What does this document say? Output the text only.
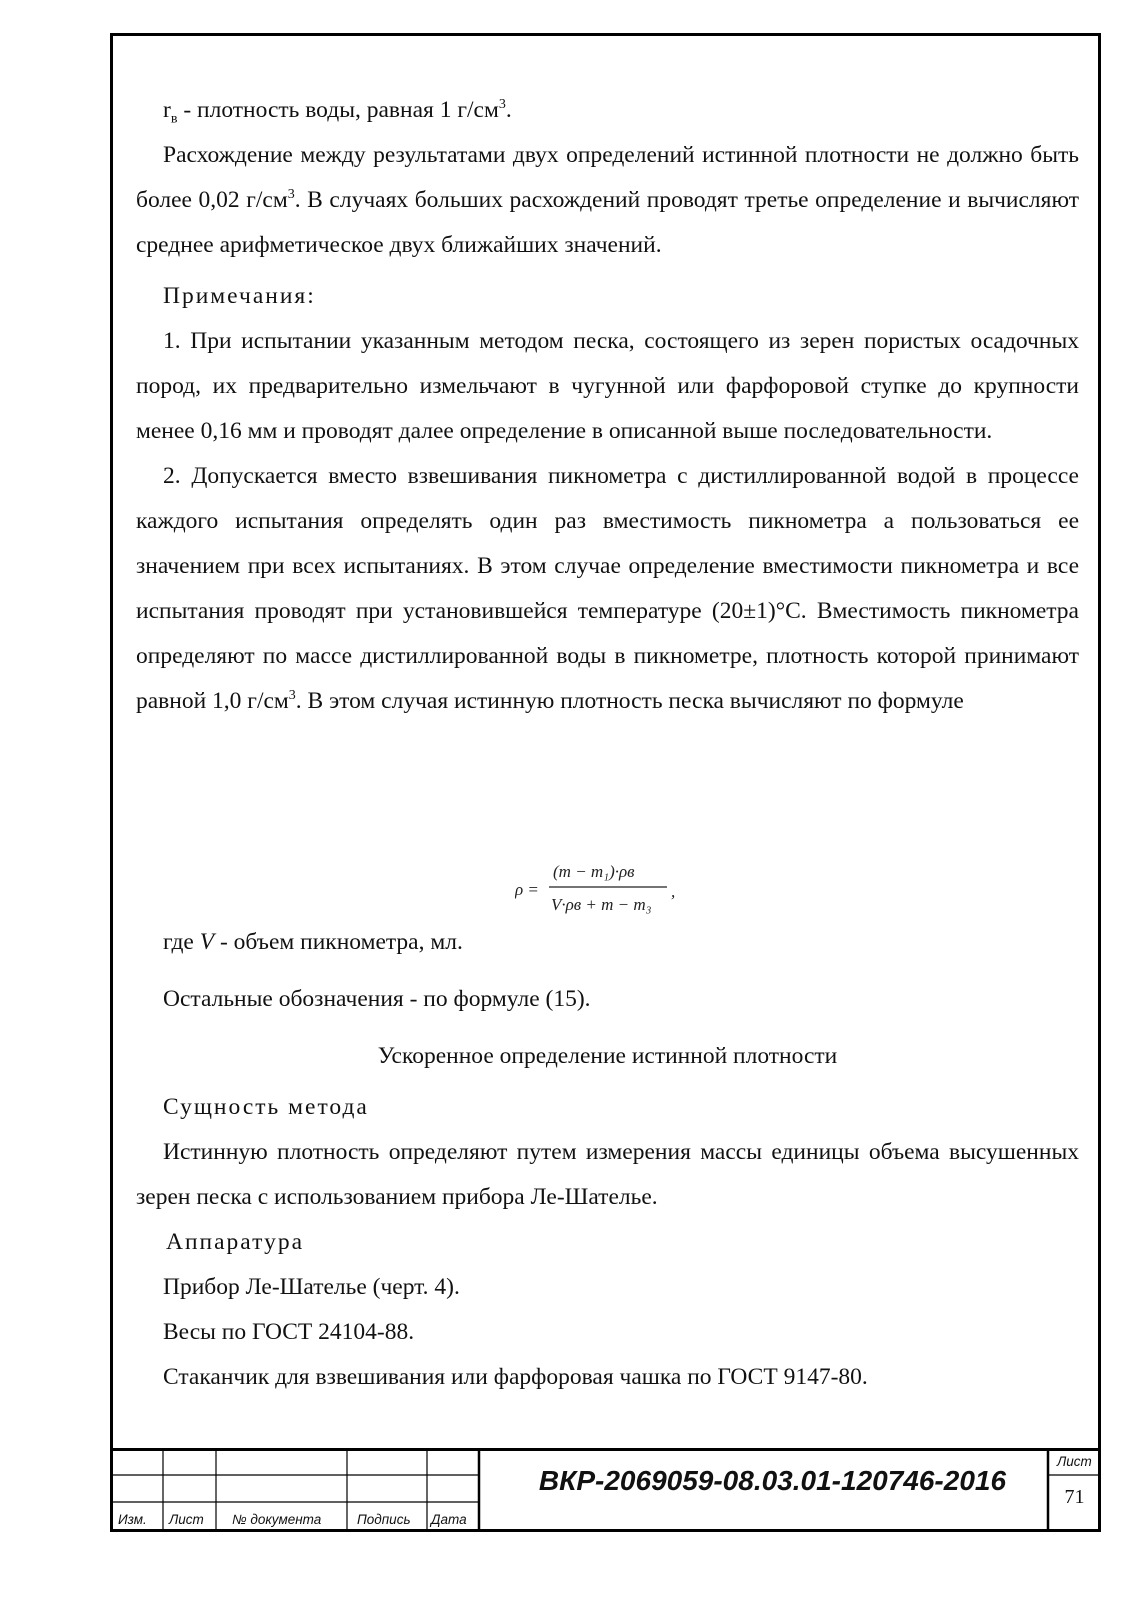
$r_в$ - плотность воды, равная 1 $г/см^3$.

Расхождение между результатами двух определений истинной плотности не должно быть более 0,02 $г/см^3$. В случаях больших расхождений проводят третье определение и вычисляют среднее арифметическое двух ближайших значений.

Примечания:

1. При испытании указанным методом песка, состоящего из зерен пористых осадочных пород, их предварительно измельчают в чугунной или фарфоровой ступке до крупности менее 0,16 мм и проводят далее определение в описанной выше последовательности.

2. Допускается вместо взвешивания пикнометра с дистиллированной водой в процессе каждого испытания определять один раз вместимость пикнометра а пользоваться ее значением при всех испытаниях. В этом случае определение вместимости пикнометра и все испытания проводят при установившейся температуре (20±1)°С. Вместимость пикнометра определяют по массе дистиллированной воды в пикнометре, плотность которой принимают равной 1,0 $г/см^3$. В этом случая истинную плотность песка вычисляют по формуле

ρ =
(m − m₁)·ρв
V·ρв + m − m₃
,

где V - объем пикнометра, мл.

Остальные обозначения - по формуле (15).

Ускоренное определение истинной плотности

Сущность метода

Истинную плотность определяют путем измерения массы единицы объема высушенных зерен песка с использованием прибора Ле-Шателье.

Аппаратура

Прибор Ле-Шателье (черт. 4).

Весы по ГОСТ 24104-88.

Стаканчик для взвешивания или фарфоровая чашка по ГОСТ 9147-80.

Изм. Лист № документа	Подпись Дата
ВКР-2069059-08.03.01-120746-2016
Лист
71
